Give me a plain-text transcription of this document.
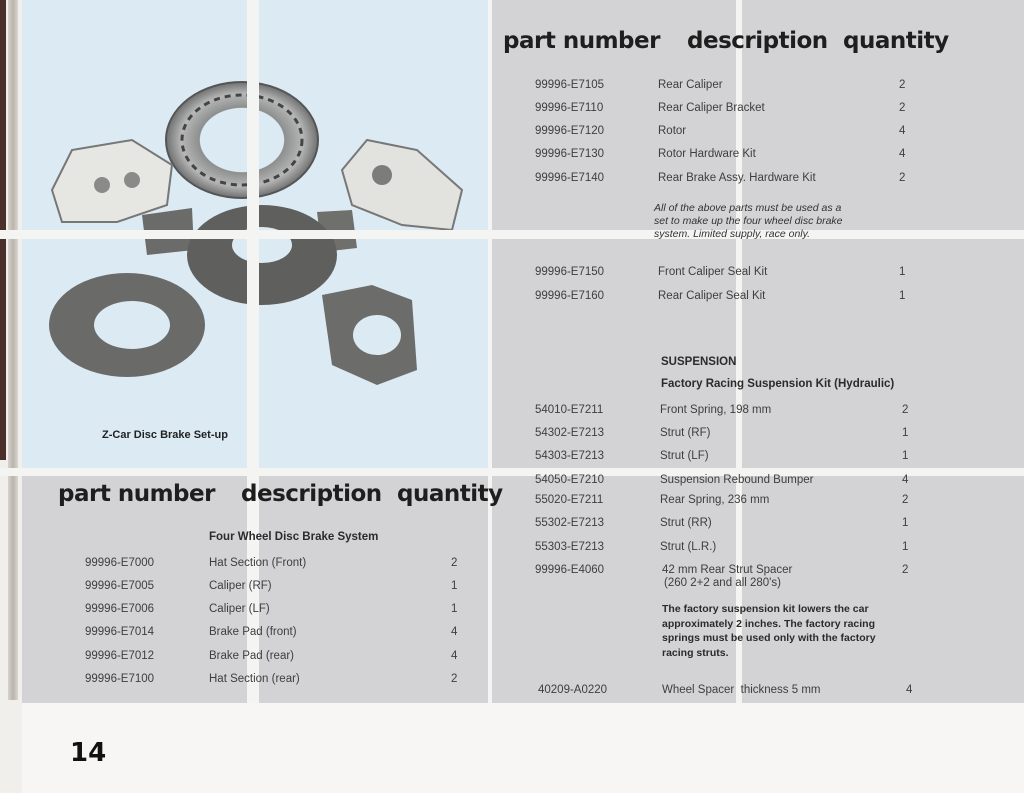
Z-Car Disc Brake Set-up
part number description quantity
part number description quantity
Four Wheel Disc Brake System
99996-E7000	Hat Section (Front)	2
99996-E7005	Caliper (RF)	1
99996-E7006	Caliper (LF)	1
99996-E7014	Brake Pad (front)	4
99996-E7012	Brake Pad (rear)	4
99996-E7100	Hat Section (rear)	2
99996-E7105	Rear Caliper	2
99996-E7110	Rear Caliper Bracket	2
99996-E7120	Rotor	4
99996-E7130	Rotor Hardware Kit	4
99996-E7140	Rear Brake Assy. Hardware Kit	2
All of the above parts must be used as a set to make up the four wheel disc brake system. Limited supply, race only.
99996-E7150	Front Caliper Seal Kit	1
99996-E7160	Rear Caliper Seal Kit	1
SUSPENSION
Factory Racing Suspension Kit (Hydraulic)
54010-E7211	Front Spring, 198 mm	2
54302-E7213	Strut (RF)	1
54303-E7213	Strut (LF)	1
54050-E7210	Suspension Rebound Bumper	4
55020-E7211	Rear Spring, 236 mm	2
55302-E7213	Strut (RR)	1
55303-E7213	Strut (L.R.)	1
99996-E4060	42 mm Rear Strut Spacer	2
(260 2+2 and all 280's)
The factory suspension kit lowers the car approximately 2 inches. The factory racing springs must be used only with the factory racing struts.
40209-A0220	Wheel Spacer  thickness 5 mm	4
14
